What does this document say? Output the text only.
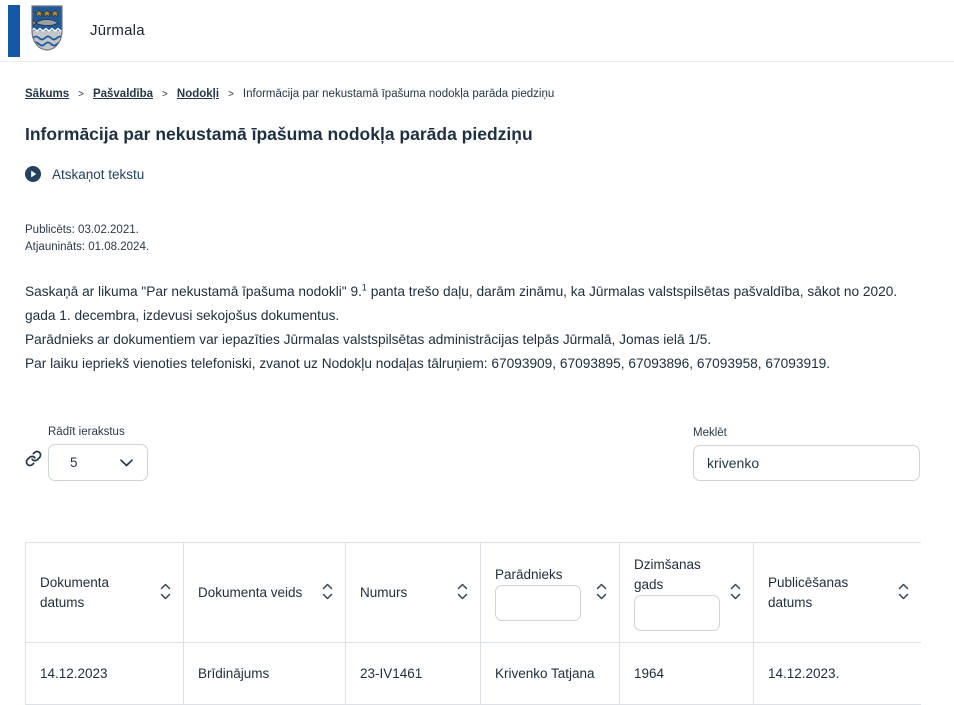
Jūrmala
Sākums > Pašvaldība > Nodokļi > Informācija par nekustamā īpašuma nodokļa parāda piedziņu
Informācija par nekustamā īpašuma nodokļa parāda piedziņu
Atskaņot tekstu
Publicēts: 03.02.2021.
Atjaunināts: 01.08.2024.

Saskaņā ar likuma "Par nekustamā īpašuma nodokli" 9.$^1$ panta trešo daļu, darām zināmu, ka Jūrmalas valstspilsētas pašvaldība, sākot no 2020. gada 1. decembra, izdevusi sekojošus dokumentus.

Parādnieks ar dokumentiem var iepazīties Jūrmalas valstspilsētas administrācijas telpās Jūrmalā, Jomas ielā 1/5.

Par laiku iepriekš vienoties telefoniski, zvanot uz Nodokļu nodaļas tālruņiem: 67093909, 67093895, 67093896, 67093958, 67093919.

Rādīt ierakstus
5
Meklēt
krivenko
Dokumenta datums	Dokumenta veids	Numurs	Parādnieks	Dzimšanas gads	Publicēšanas datums

14.12.2023	Brīdinājums	23-IV1461	Krivenko Tatjana	1964	14.12.2023.
